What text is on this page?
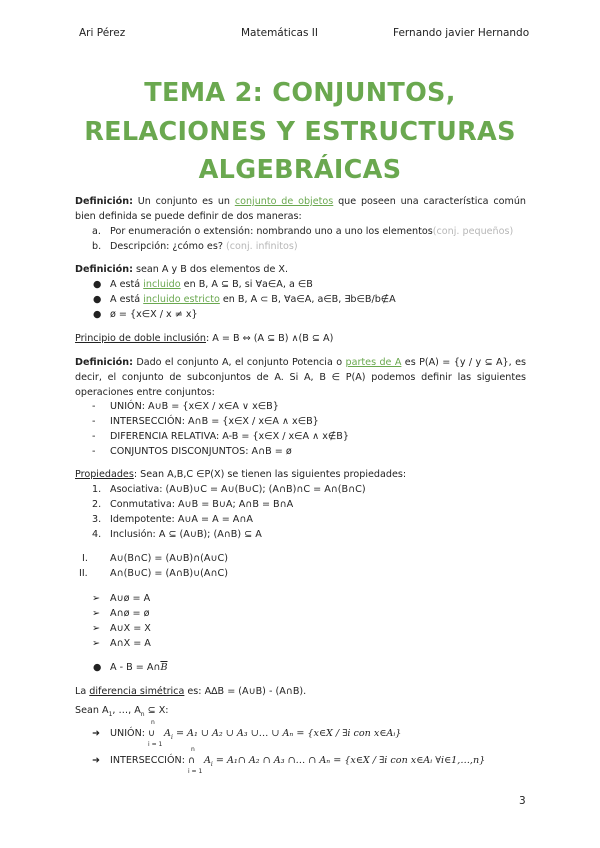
Ari Pérez	Matemáticas II	Fernando javier Hernando
TEMA 2: CONJUNTOS,
RELACIONES Y ESTRUCTURAS
ALGEBRÁICAS
Definición: Un conjunto es un conjunto de objetos que poseen una característica común bien definida se puede definir de dos maneras:
a. Por enumeración o extensión: nombrando uno a uno los elementos(conj. pequeños)
b. Descripción: ¿cómo es? (conj. infinitos)
Definición: sean A y B dos elementos de X.
● A está incluido en B, A ⊆ B, si ∀a∈A, a ∈B
● A está incluido estricto en B, A ⊂ B, ∀a∈A, a∈B, ∃b∈B/b∉A
● ø = {x∈X / x ≠ x}
Principio de doble inclusión: A = B ⇔ (A ⊆ B) ∧(B ⊆ A)
Definición: Dado el conjunto A, el conjunto Potencia o partes de A es P(A) = {y / y ⊆ A}, es decir, el conjunto de subconjuntos de A. Si A, B ∈ P(A) podemos definir las siguientes operaciones entre conjuntos:
- UNIÓN: A∪B = {x∈X / x∈A ∨ x∈B}
- INTERSECCIÓN: A∩B = {x∈X / x∈A ∧ x∈B}
- DIFERENCIA RELATIVA: A-B = {x∈X / x∈A ∧ x∉B}
- CONJUNTOS DISCONJUNTOS: A∩B = ø
Propiedades: Sean A,B,C ∈P(X) se tienen las siguientes propiedades:
1. Asociativa: (A∪B)∪C = A∪(B∪C); (A∩B)∩C = A∩(B∩C)
2. Conmutativa: A∪B = B∪A; A∩B = B∩A
3. Idempotente: A∪A = A = A∩A
4. Inclusión: A ⊆ (A∪B); (A∩B) ⊆ A
I. A∪(B∩C) = (A∪B)∩(A∪C)
II. A∩(B∪C) = (A∩B)∪(A∩C)
➢ A∪ø = A
➢ A∩ø = ø
➢ A∪X = X
➢ A∩X = A
● $A - B = A\cap\overline{B}$
La diferencia simétrica es: A∆B = (A∪B) - (A∩B).
Sean $A_1$, …, $A_n$ ⊆ X:
➜ UNIÓN:
n
∪
i = 1
$A_i = A_1$ ∪ A₂ ∪ A₃ ∪… ∪ Aₙ = {x∈X / ∃i con x∈Aᵢ}
➜ INTERSECCIÓN:
n
∩
i = 1
$A_i$ = A₁∩ A₂ ∩ A₃ ∩… ∩ Aₙ = {x∈X / ∃i con x∈Aᵢ ∀i∈1,…,n}
3
